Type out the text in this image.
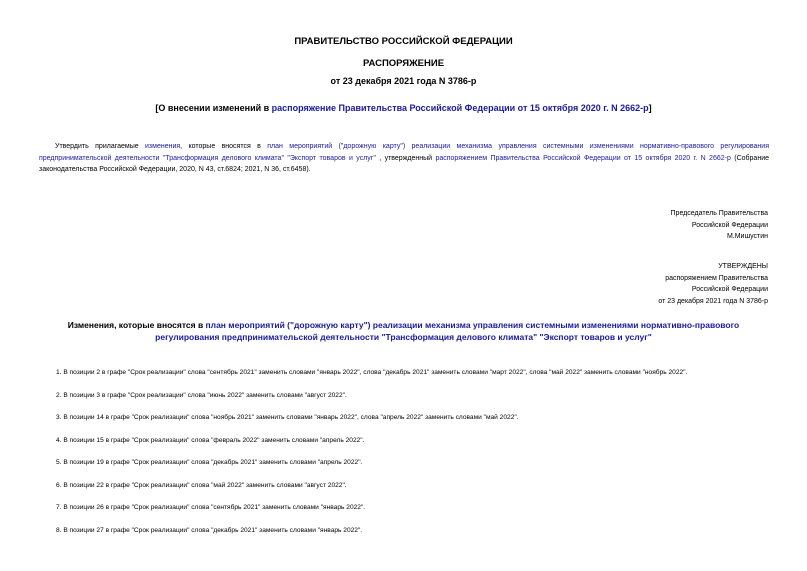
ПРАВИТЕЛЬСТВО РОССИЙСКОЙ ФЕДЕРАЦИИ
РАСПОРЯЖЕНИЕ
от 23 декабря 2021 года N 3786-р
[О внесении изменений в распоряжение Правительства Российской Федерации от 15 октября 2020 г. N 2662-р]
Утвердить прилагаемые изменения, которые вносятся в план мероприятий ("дорожную карту") реализации механизма управления системными изменениями нормативно-правового регулирования предпринимательской деятельности "Трансформация делового климата" "Экспорт товаров и услуг" , утвержденный распоряжением Правительства Российской Федерации от 15 октября 2020 г. N 2662-р (Собрание законодательства Российской Федерации, 2020, N 43, ст.6824; 2021, N 36, ст.6458).
Председатель Правительства
Российской Федерации
М.Мишустин
УТВЕРЖДЕНЫ
распоряжением Правительства
Российской Федерации
от 23 декабря 2021 года N 3786-р
Изменения, которые вносятся в план мероприятий ("дорожную карту") реализации механизма управления системными изменениями нормативно-правового регулирования предпринимательской деятельности "Трансформация делового климата" "Экспорт товаров и услуг"
1. В позиции 2 в графе "Срок реализации" слова "сентябрь 2021" заменить словами "январь 2022", слова "декабрь 2021" заменить словами "март 2022", слова "май 2022" заменить словами "ноябрь 2022".
2. В позиции 3 в графе "Срок реализации" слова "июнь 2022" заменить словами "август 2022".
3. В позиции 14 в графе "Срок реализации" слова "ноябрь 2021" заменить словами "январь 2022", слова "апрель 2022" заменить словами "май 2022".
4. В позиции 15 в графе "Срок реализации" слова "февраль 2022" заменить словами "апрель 2022".
5. В позиции 19 в графе "Срок реализации" слова "декабрь 2021" заменить словами "апрель 2022".
6. В позиции 22 в графе "Срок реализации" слова "май 2022" заменить словами "август 2022".
7. В позиции 26 в графе "Срок реализации" слова "сентябрь 2021" заменить словами "январь 2022".
8. В позиции 27 в графе "Срок реализации" слова "декабрь 2021" заменить словами "январь 2022".
